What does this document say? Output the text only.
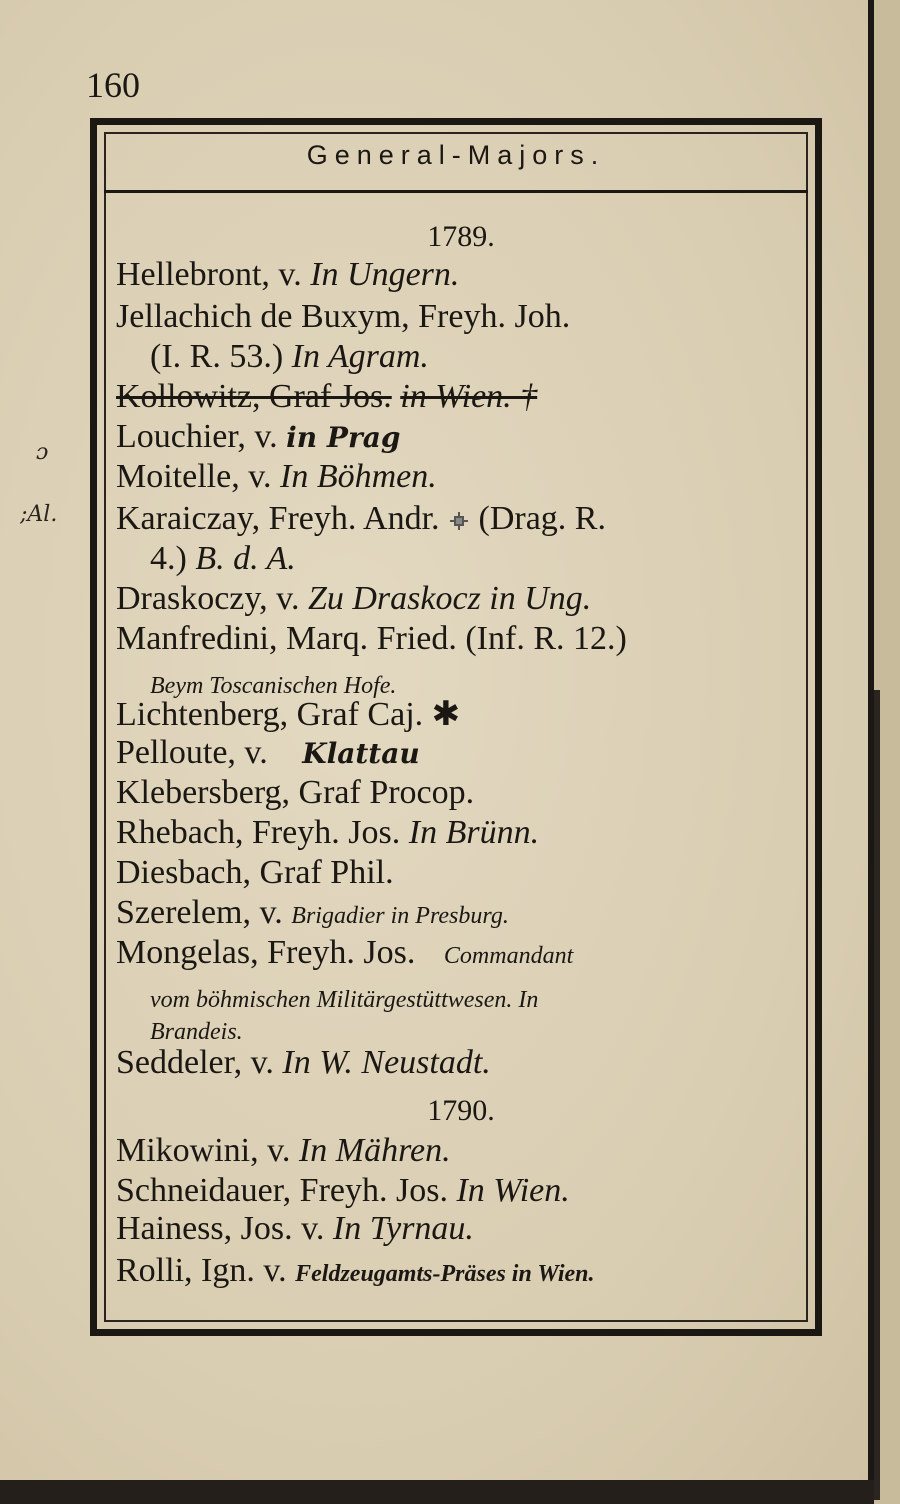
160
General-Majors.
ɔ
;Al.
1789.
Hellebront, v. In Ungern.
Jellachich de Buxym, Freyh. Joh.
(I. R. 53.) In Agram.
Kollowitz, Graf Jos. in Wien. †
Louchier, v. in Prag
Moitelle, v. In Böhmen.
Karaiczay, Freyh. Andr. (Drag. R.
4.) B. d. A.
Draskoczy, v. Zu Draskocz in Ung.
Manfredini, Marq. Fried. (Inf. R. 12.)
Beym Toscanischen Hofe.
Lichtenberg, Graf Caj. ✱
Pelloute, v. Klattau
Klebersberg, Graf Procop.
Rhebach, Freyh. Jos. In Brünn.
Diesbach, Graf Phil.
Szerelem, v. Brigadier in Presburg.
Mongelas, Freyh. Jos. Commandant
vom böhmischen Militärgestüttwesen. In
Brandeis.
Seddeler, v. In W. Neustadt.
1790.
Mikowini, v. In Mähren.
Schneidauer, Freyh. Jos. In Wien.
Hainess, Jos. v. In Tyrnau.
Rolli, Ign. v. Feldzeugamts-Präses in Wien.
